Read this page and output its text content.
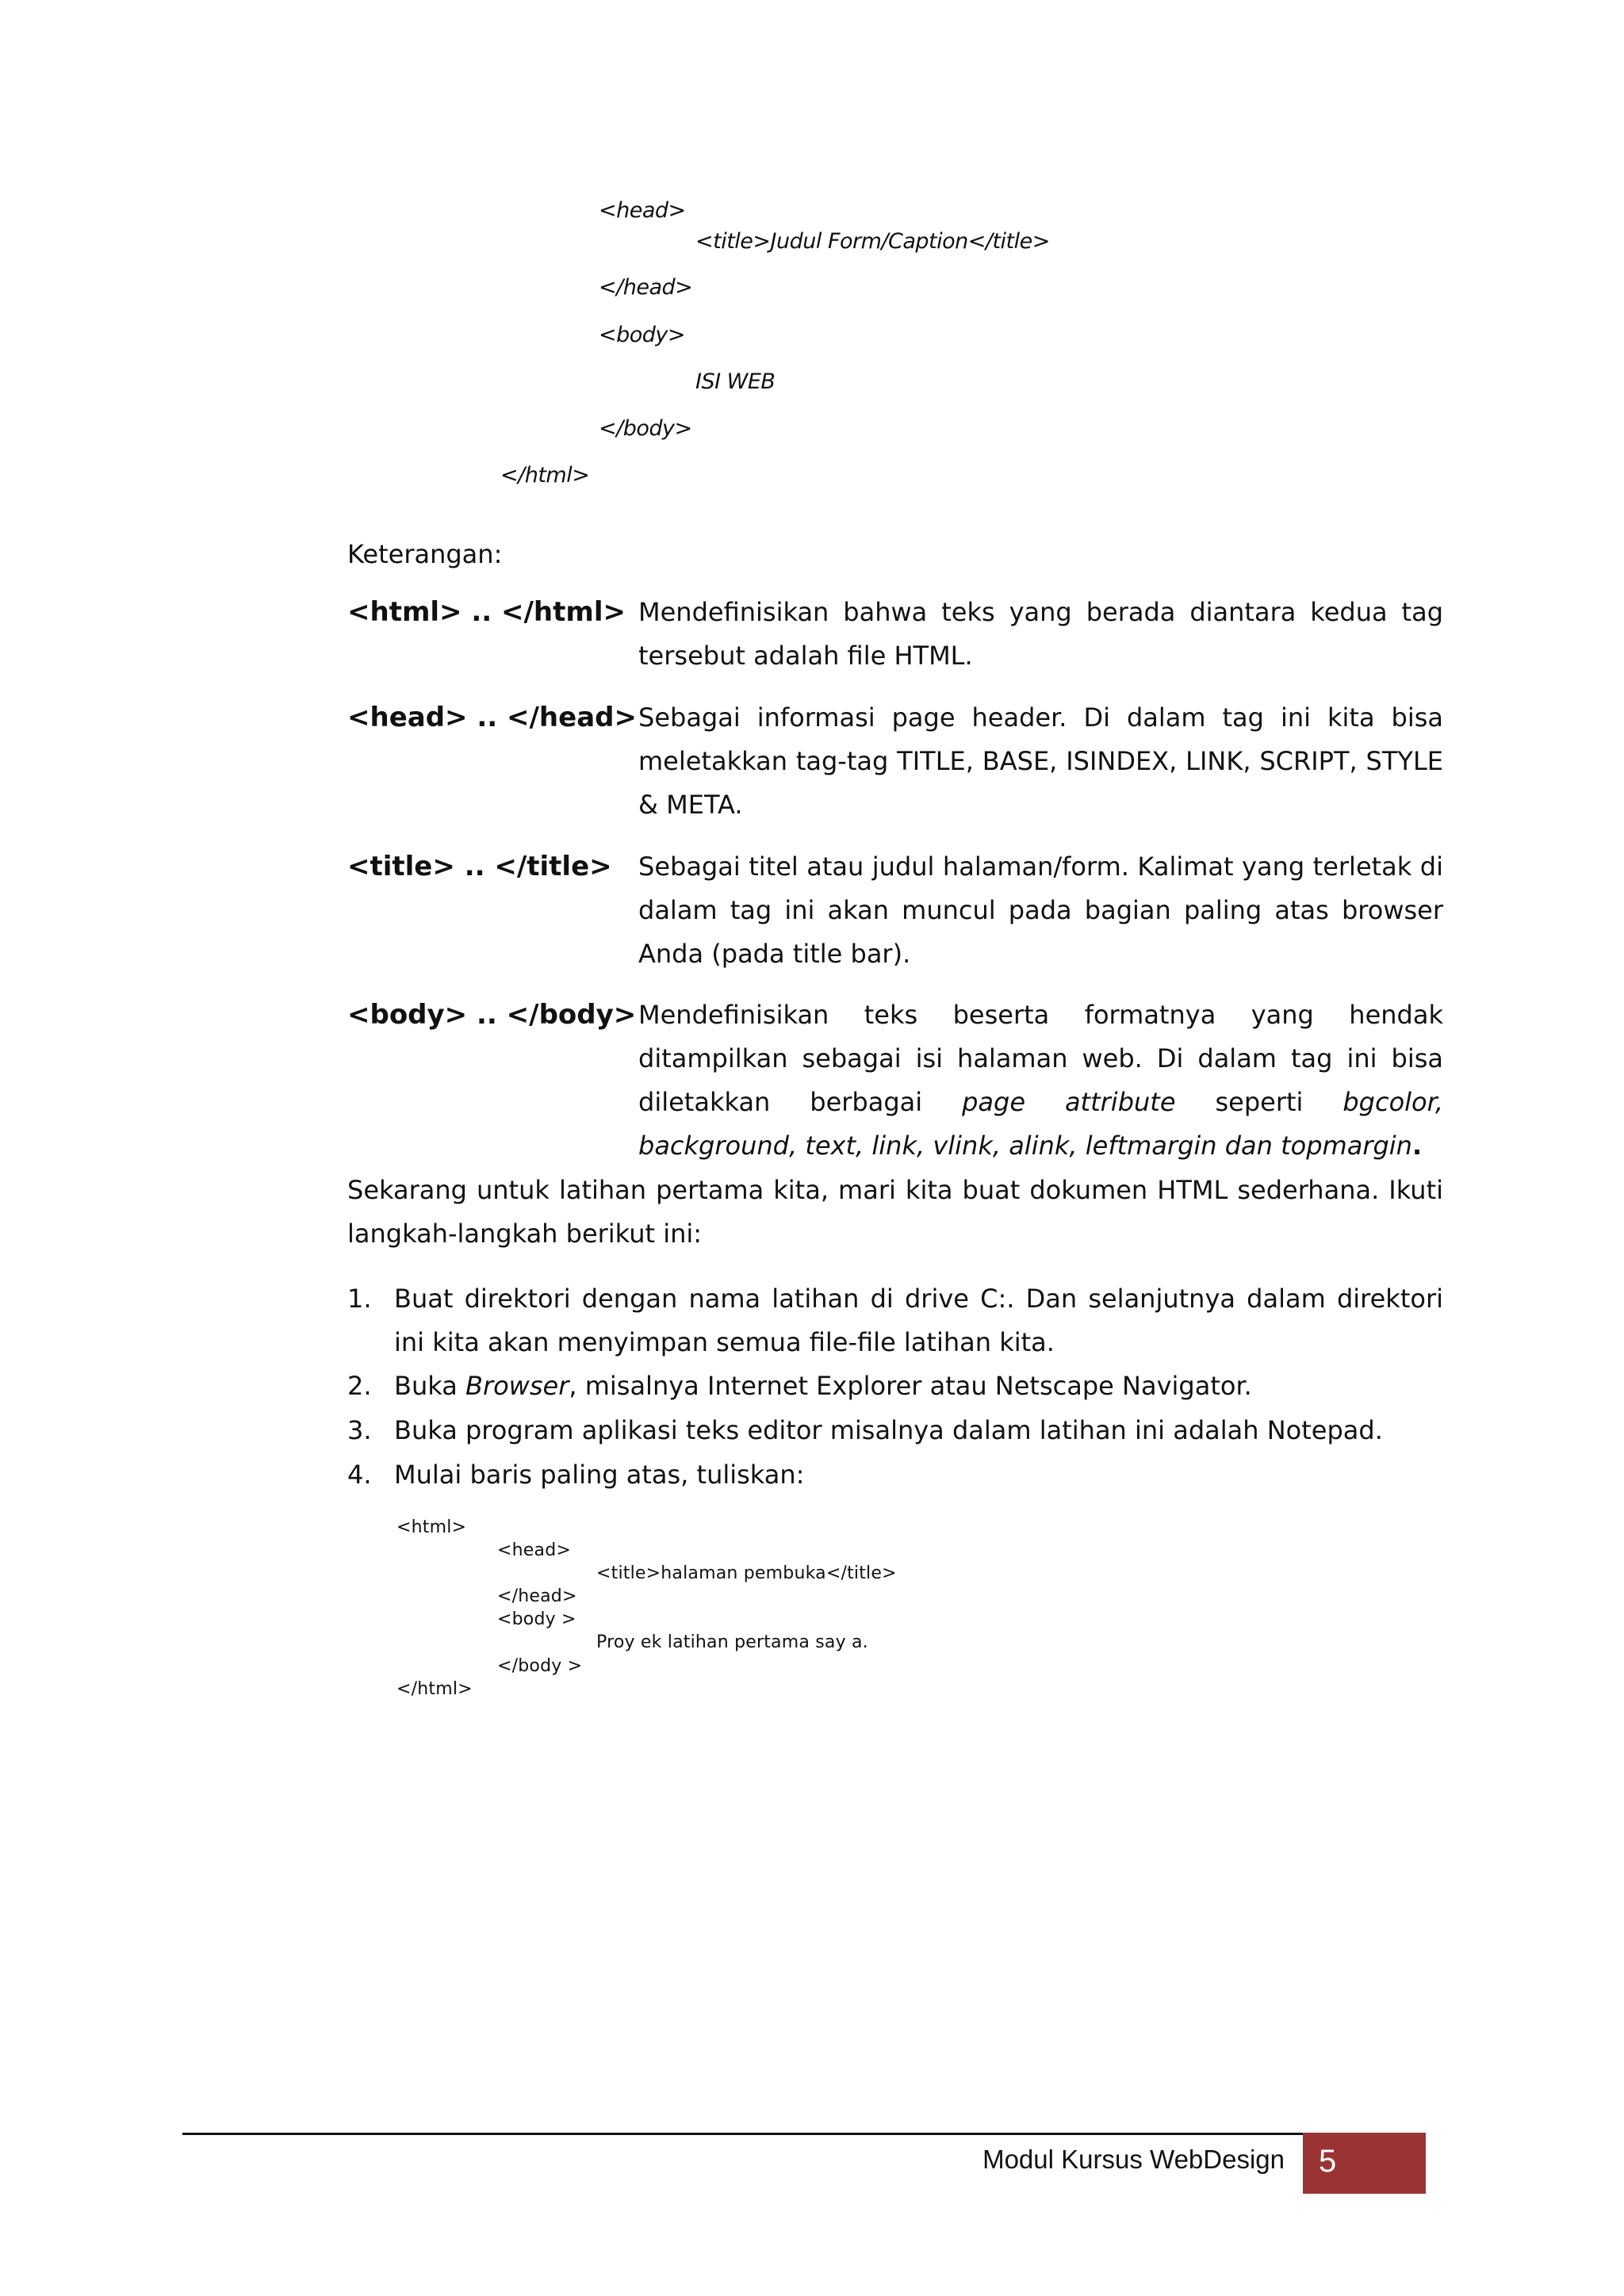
<head>
<title>Judul Form/Caption</title>
</head>
<body>
ISI WEB
</body>
</html>
Keterangan:
<html> .. </html> Mendefinisikan bahwa teks yang berada diantara kedua tag tersebut adalah file HTML.
<head> .. </head> Sebagai informasi page header. Di dalam tag ini kita bisa meletakkan tag-tag TITLE, BASE, ISINDEX, LINK, SCRIPT, STYLE & META.
<title> .. </title> Sebagai titel atau judul halaman/form. Kalimat yang terletak di dalam tag ini akan muncul pada bagian paling atas browser Anda (pada title bar).
<body> .. </body> Mendefinisikan teks beserta formatnya yang hendak ditampilkan sebagai isi halaman web. Di dalam tag ini bisa diletakkan berbagai page attribute seperti bgcolor, background, text, link, vlink, alink, leftmargin dan topmargin.
Sekarang untuk latihan pertama kita, mari kita buat dokumen HTML sederhana. Ikuti langkah-langkah berikut ini:
1. Buat direktori dengan nama latihan di drive C:. Dan selanjutnya dalam direktori ini kita akan menyimpan semua file-file latihan kita.
2. Buka Browser, misalnya Internet Explorer atau Netscape Navigator.
3. Buka program aplikasi teks editor misalnya dalam latihan ini adalah Notepad.
4. Mulai baris paling atas, tuliskan:
<html>
<head>
<title>halaman pembuka</title>
</head>
<body >
Proy ek latihan pertama say a.
</body >
</html>
Modul Kursus WebDesign 5
